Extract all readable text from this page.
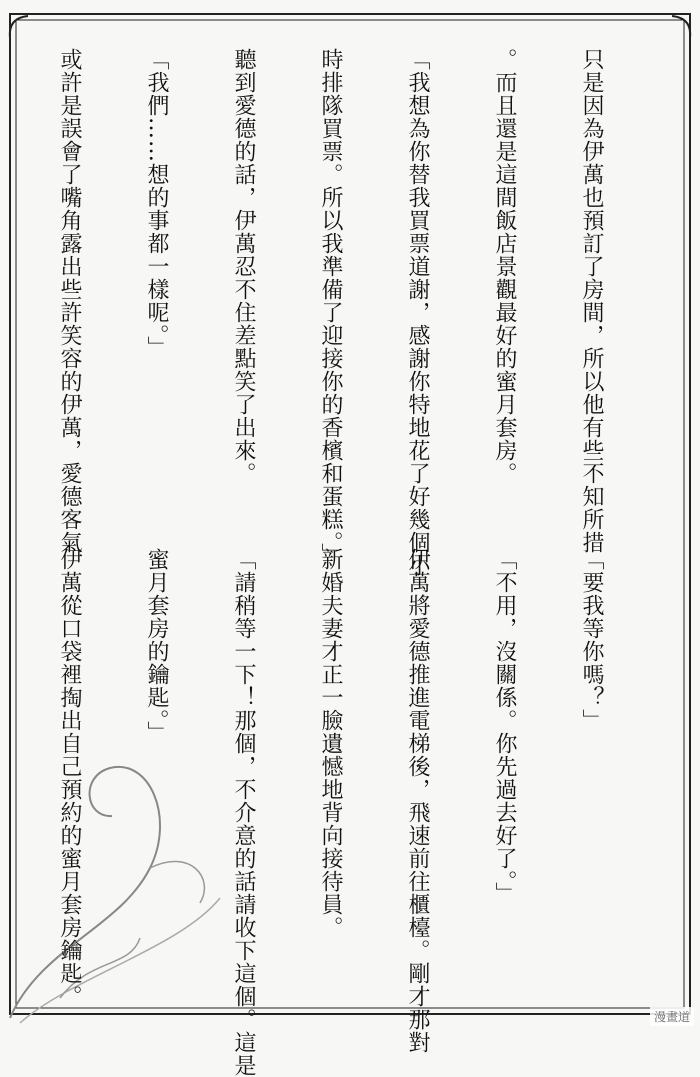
只是因為伊萬也預訂了房間，所以他有些不知所措

。而且還是這間飯店景觀最好的蜜月套房。

「我想為你替我買票道謝，感謝你特地花了好幾個小

時排隊買票。所以我準備了迎接你的香檳和蛋糕。」

聽到愛德的話，伊萬忍不住差點笑了出來。

「我們……想的事都一樣呢。」

或許是誤會了嘴角露出些許笑容的伊萬，愛德客氣

「要我等你嗎？」

「不用，沒關係。你先過去好了。」

伊萬將愛德推進電梯後，飛速前往櫃檯。剛才那對

新婚夫妻才正一臉遺憾地背向接待員。

「請稍等一下！那個，不介意的話請收下這個。這是

蜜月套房的鑰匙。」

伊萬從口袋裡掏出自己預約的蜜月套房鑰匙。

漫畫道
